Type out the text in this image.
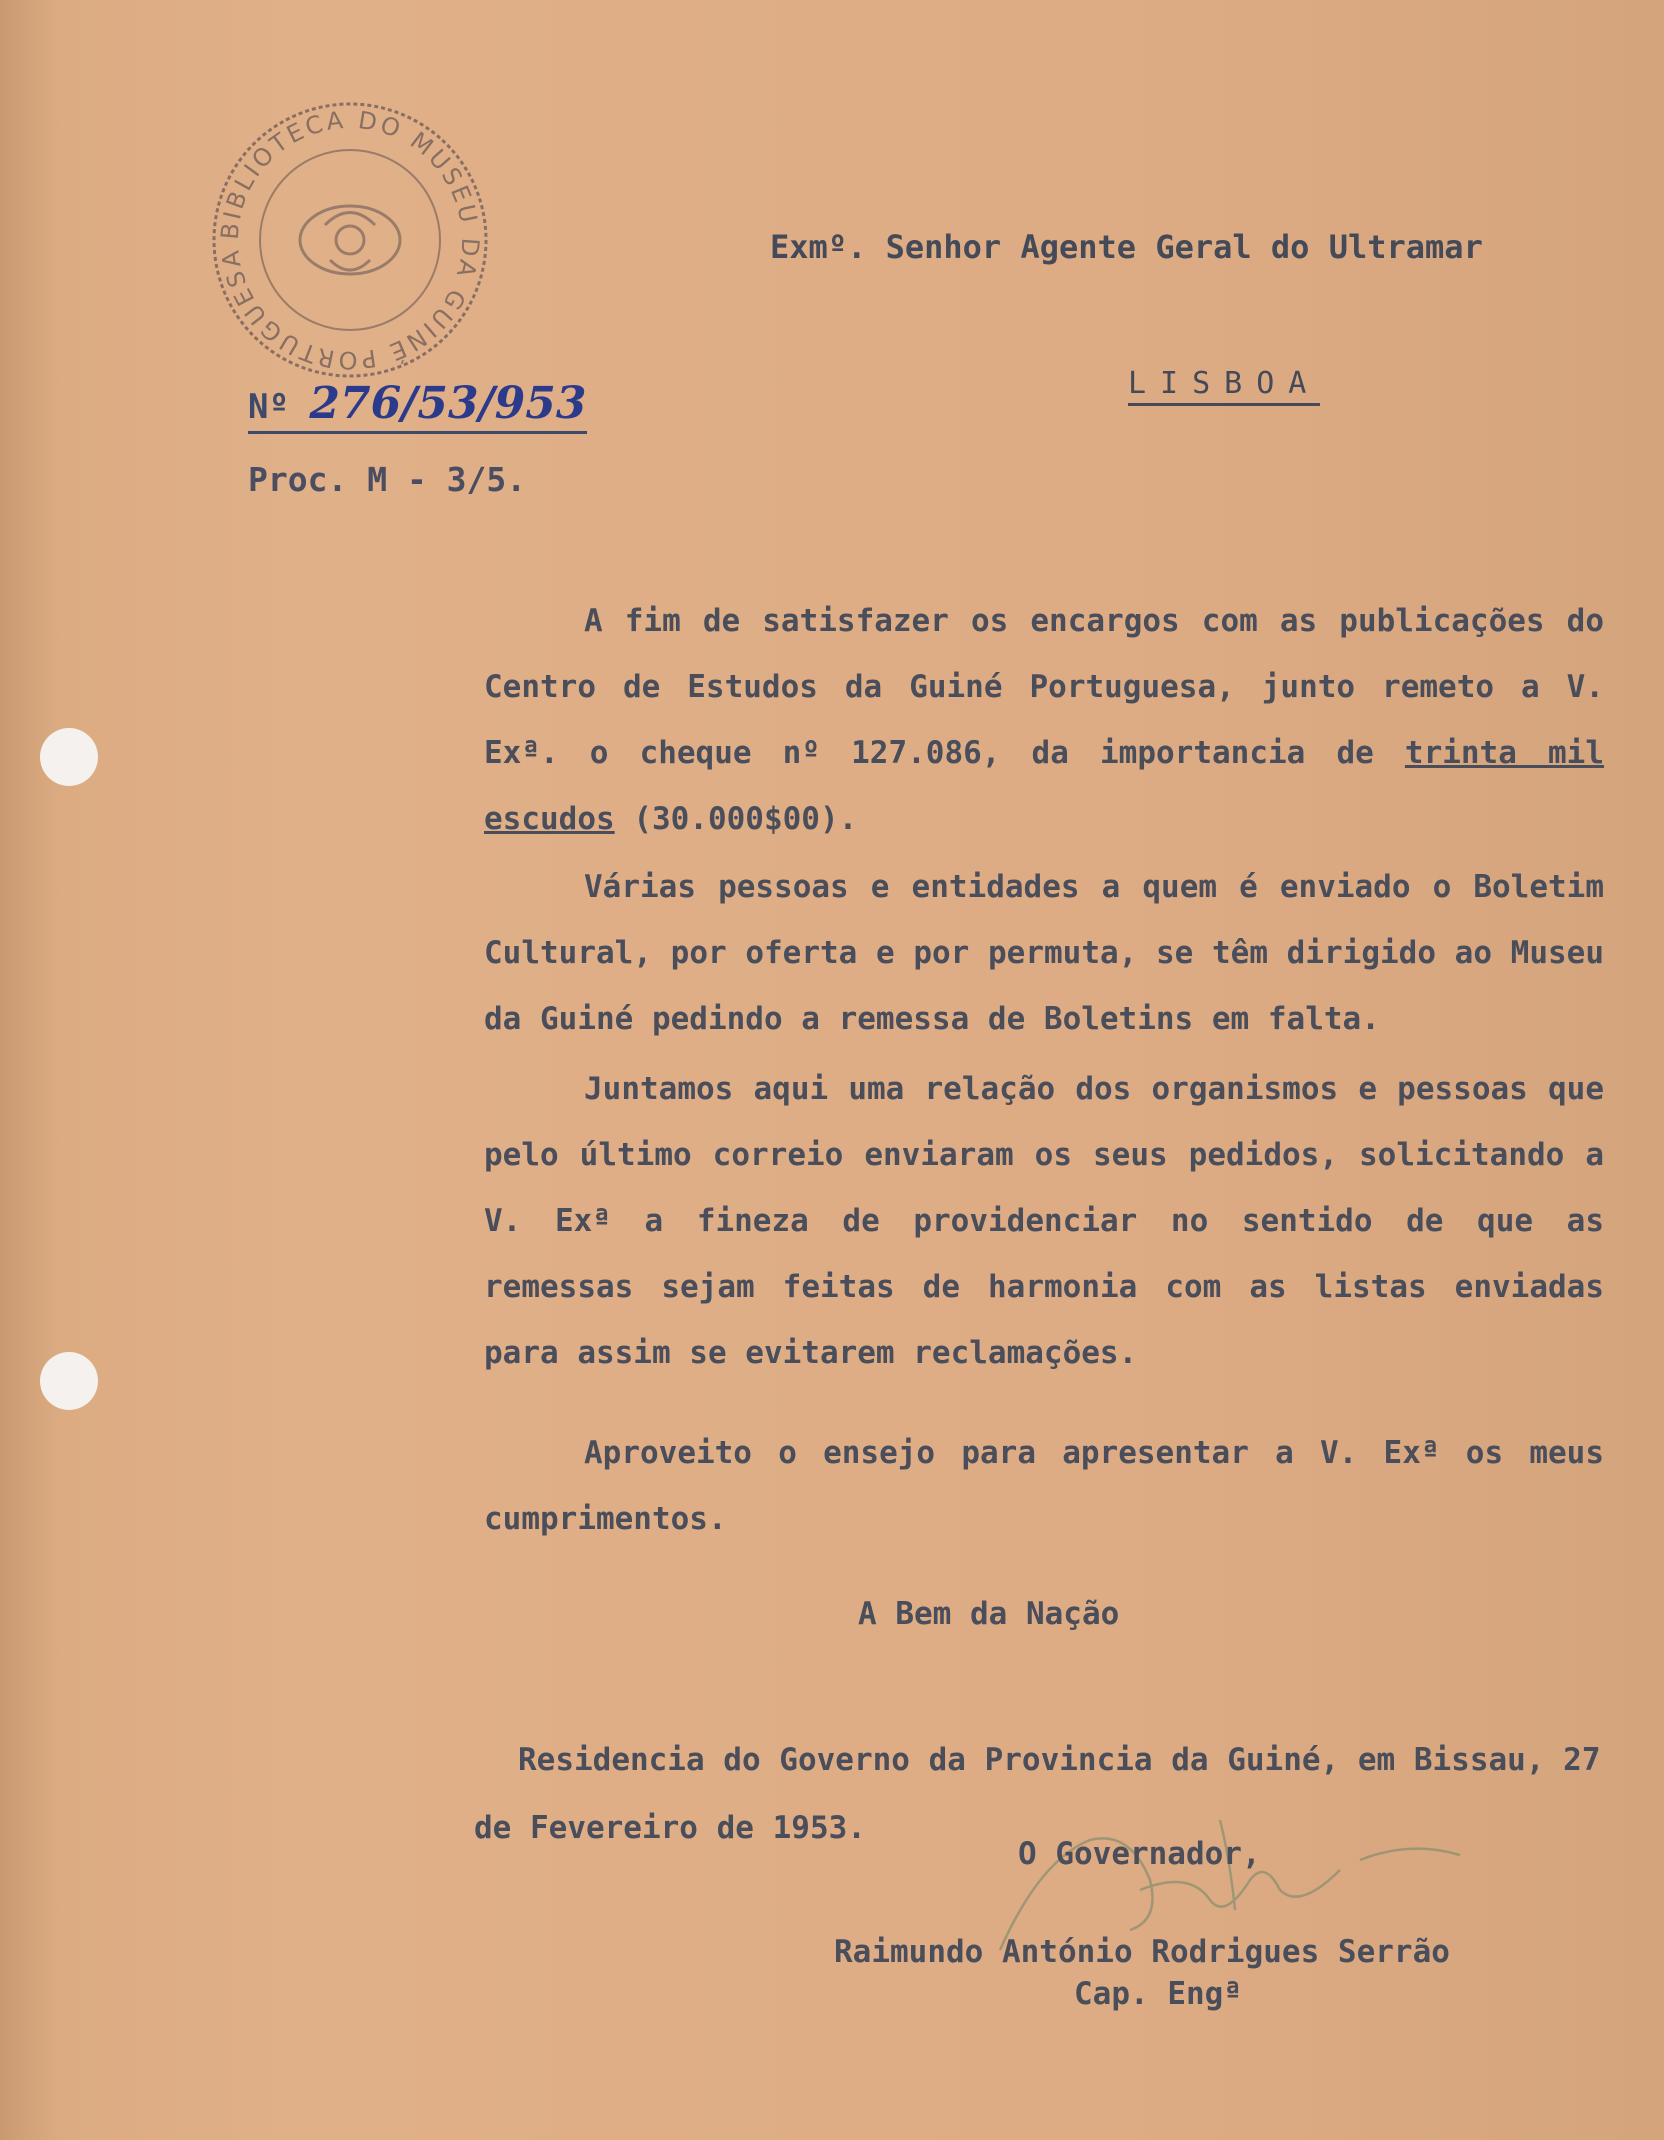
BIBLIOTECA DO MUSEU DA GUINÉ PORTUGUESA
Nº 276/53/953
Proc. M - 3/5.
Exmº. Senhor Agente Geral do Ultramar
LISBOA
A fim de satisfazer os encargos com as publicações do Centro de Estudos da Guiné Portuguesa, junto remeto a V. Exª. o cheque nº 127.086, da importancia de trinta mil escudos (30.000$00).
Várias pessoas e entidades a quem é enviado o Boletim Cultural, por oferta e por permuta, se têm dirigido ao Museu da Guiné pedindo a remessa de Boletins em falta.
Juntamos aqui uma relação dos organismos e pessoas que pelo último correio enviaram os seus pedidos, solicitando a V. Exª a fineza de providenciar no sentido de que as remessas sejam feitas de harmonia com as listas enviadas para assim se evitarem reclamações.
Aproveito o ensejo para apresentar a V. Exª os meus cumprimentos.
A Bem da Nação
Residencia do Governo da Provincia da Guiné, em Bissau, 27 de Fevereiro de 1953.
O Governador,
Raimundo António Rodrigues Serrão
Cap. Engª
